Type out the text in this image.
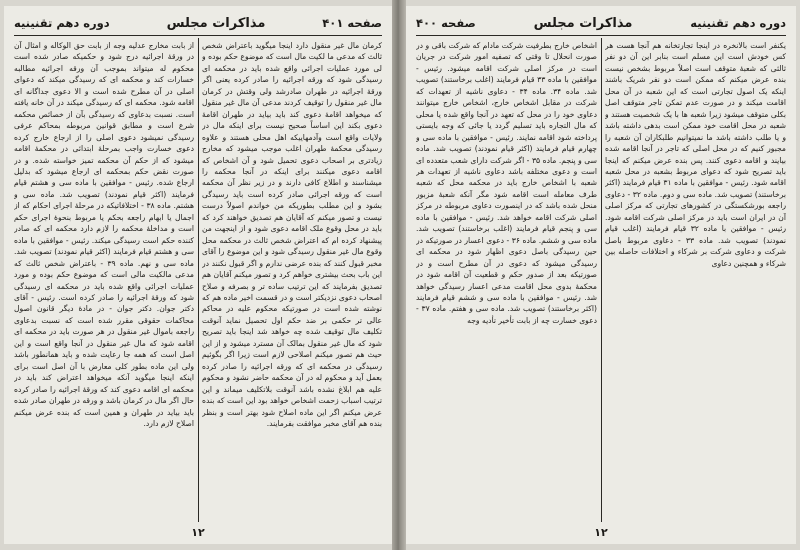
صفحه ۴۰۱
مذاکرات مجلس
دوره دهم تقنینیه

كرمان مال غیر منقول دارد اینجا میگوید باعتراض شخص ثالث که مدعی ما لکیت مال است که موضوع حکم بوده و لی مورد عملیات اجرائی واقع شده باید در محکمه ای رسیدگی شود که ورقه اجرائیه را صادر کرده یعنی اگر ورقهٔ اجرائیه در طهران صادرشد ولی وقتش در کرمان مال غیر منقول را توقیف کردند مدعی آن مال غیر منقول که میخواهد اقامهٔ دعوی کند باید بیاید در طهران اقامهٔ دعوی بکند این اساساً صحیح نیست برای اینکه مال در ولایات واقع است وآدمهاییکه اهل محلی هستند و علاوه رسیدگی محکمهٔ طهران اغلب موجب میشود که مخارج زیادتری بر اصحاب دعوی تحمیل شود و آن اشخاص که اقامه دعوی میکنند برای اینکه در آنجا محکمه را میشناسند و اطلاع کافی دارند و در زیر نظر آن محکمه است که ورقه اجرائی صادر کرده است باید رسیدگی بشود و این مطلب بطوریکه من خواندم اصولاً درست نیست و تصور میکنم که آقایان هم تصدیق خواهند کرد که باید در محل وقوع ملک اقامه دعوی شود و از اینجهت من پیشنهاد کرده ام که اعتراض شخص ثالث در محکمه محل وقوع مال غیر منقول رسیدگی شود و این موضوع را آقای مخبر قبول کنند که بنده عرضی ندارم و اگر قبول نکنند در این باب بحث بیشتری خواهم کرد و تصور میکنم آقایان هم تصدیق بفرمایند که این ترتیب ساده تر و بصرفه و صلاح اصحاب دعوی نزدیکتر است و در قسمت اخیر ماده هم که نوشته شده است در صورتیکه محکوم علیه در محاکم عالی تر حکمی بر ضد حکم اول تحصیل نماید آنوقت تکلیف مال توقیف شده چه خواهد شد اینجا باید تصریح شود که مال غیر منقول بمالک آن مسترد میشود و از این حیث هم تصور میکنم اصلاحی لازم است زیرا اگر بگوئیم رسیدگی در محکمه ای که ورقه اجرائیه را صادر کرده بعمل آید و محکوم له در آن محکمه حاضر نشود و محکوم علیه هم ابلاغ نشده باشد آنوقت بلاتکلیف میماند و این ترتیب اسباب زحمت اشخاص خواهد بود این است که بنده عرض میکنم اگر این ماده اصلاح شود بهتر است و بنظر بنده هم آقای مخبر موافقت بفرمایند.

از بابت مخارج عدلیه وجه از بابت حق الوکاله و امثال آن در ورقهٔ اجرائیه درج شود و حکمیکه صادر شده است محکوم له میتواند بموجب آن ورقه اجرائیه مطالبه خسارات کند و محکمه ای که رسیدگی میکند که دعوای اصلی در آن مطرح شده است و الا دعوی جداگانه ای اقامه شود. محکمه ای که رسیدگی میکند در آن خانه یافته است. نسبت بدعاوی که رسیدگی بآن از خصائص محکمه شرع است و مطابق قوانین مربوطه بمحاکم عرفی رسیدگی نمیشود دعوی اصلی را از ارجاع خارج کرده دعوی خسارت واجب بمرحلهٔ ابتدائی در محکمهٔ اقامه میشود که از حکم آن محکمه تمیز خواسته شده. و در صورت نقض حکم بمحکمه ای ارجاع میشود که بدلیل ارجاع شده. رئیس - موافقین با ماده سی و هشتم قیام فرمایند (اکثر قیام نمودند) تصویب شد. ماده سی و هشتم. ماده ۳۸ - اختلافاتیکه در مرحلهٔ اجرای احکام که از اجمال یا ابهام راجعه بحکم یا مربوط بنحوهٔ اجرای حکم است و مداخلهٔ محکمه را لازم دارد محکمه ای که صادر کننده حکم است رسیدگی میکند. رئیس - موافقین با ماده سی و هشتم قیام فرمایند (اکثر قیام نمودند) تصویب شد. ماده سی و نهم. ماده ۳۹ - باعتراض شخص ثالث که مدعی مالکیت مالی است که موضوع حکم بوده و مورد عملیات اجرائی واقع شده باید در محکمه ای رسیدگی شود که ورقهٔ اجرائیه را صادر کرده است. رئیس - آقای دکتر جوان. دکتر جوان - در مادهٔ دیگر قانون اصول محاکمات حقوقی مقرر شده است که نسبت بدعاوی راجعه باموال غیر منقول در هر صورت باید در محکمه ای اقامه شود که مال غیر منقول در آنجا واقع است و این اصل است که همه جا رعایت شده و باید همانطور باشد ولی این ماده بطور کلی معارض با آن اصل است برای اینکه اینجا میگوید آنکه میخواهد اعتراض کند باید در محکمه ای اقامه دعوی کند که ورقهٔ اجرائیه را صادر کرده حال اگر مال در کرمان باشد و ورقه در طهران صادر شده باید بیاید در طهران و همین است که بنده عرض میکنم اصلاح لازم دارد.

۱۲
دوره دهم تقنینیه
مذاکرات مجلس
صفحه ۴۰۰

یکنفر است بالانخره در اینجا تجارتخانه هم آنجا هست هر کس خودش است این مسلم است بنابر این آن دو نفر ثالثی که شعبهٔ متوقف است اصلاً مربوط بشخص نیست بنده عرض میکنم که ممکن است دو نفر شریک باشند اینکه یک اصول تجارتی است که این شعبه در آن محل اقامت میکند و در صورت عدم تمکن تاجر متوقف اصل بکلی متوقف میشود زیرا شعبه ها با یک شخصیت هستند و شعبه در محل اقامت خود ممکن است بدهی داشته باشد و یا طلب داشته باشد ما نمیتوانیم طلبکاران آن شعبه را مجبور کنیم که در محل اصلی که تاجر در آنجا اقامه شده بیایند و اقامه دعوی کنند. پس بنده عرض میکنم که اینجا باید تصریح شود که دعوای مربوط بشعبه در محل شعبه اقامه شود. رئیس - موافقین با ماده ۳۱ قیام فرمایند (اکثر برخاستند) تصویب شد. ماده سی و دوم. ماده ۳۲ - دعاوی راجعه بورشکستگی در کشورهای تجارتی که مرکز اصلی آن در ایران است باید در مرکز اصلی شرکت اقامه شود. رئیس - موافقین با ماده ۳۲ قیام فرمایند (اغلب قیام نمودند) تصویب شد. ماده ۳۳ - دعاوی مربوط باصل شرکت و دعاوی شرکت بر شرکاء و اختلافات حاصله بین شرکاء و همچنین دعاوی

اشخاص خارج بطرفیت شرکت مادام که شرکت باقی و در صورت انحلال تا وقتی که تصفیه امور شرکت در جریان است در مرکز اصلی شرکت اقامه میشود. رئیس - موافقین با ماده ۳۳ قیام فرمایند (اغلب برخاستند) تصویب شد. ماده ۳۴. ماده ۳۴ - دعاوی ناشیه از تعهدات که شرکت در مقابل اشخاص خارج، اشخاص خارج میتوانند دعاوی خود را در محل که تعهد در آنجا واقع شده یا محلی که مال التجاره باید تسلیم گردد یا جائی که وجه بایستی پرداخته شود اقامه نمایند. رئیس - موافقین با ماده سی و چهارم قیام فرمایند (اکثر قیام نمودند) تصویب شد. ماده سی و پنجم. ماده ۳۵ - اگر شرکت دارای شعب متعدده ای است و دعوی مختلفه باشد دعاوی ناشیه از تعهدات هر شعبه با اشخاص خارج باید در محکمه محل که شعبه طرف معامله است اقامه شود مگر آنکه شعبهٔ مزبور منحل شده باشد که در اینصورت دعاوی مربوطه در مرکز اصلی شرکت اقامه خواهد شد. رئیس - موافقین با ماده سی و پنجم قیام فرمایند (اغلب برخاستند) تصویب شد. ماده سی و ششم. ماده ۳۶ - دعوی اعسار در صورتیکه در حین رسیدگی باصل دعوی اظهار شود در محکمه ای رسیدگی میشود که دعوی در آن مطرح است و در صورتیکه بعد از صدور حکم و قطعیت آن اقامه شود در محکمهٔ بدوی محل اقامت مدعی اعسار رسیدگی خواهد شد. رئیس - موافقین با ماده سی و ششم قیام فرمایند (اکثر برخاستند) تصویب شد. ماده سی و هفتم. ماده ۳۷ - دعوی خسارت چه از بابت تأخیر تأدیه وجه

۱۲
